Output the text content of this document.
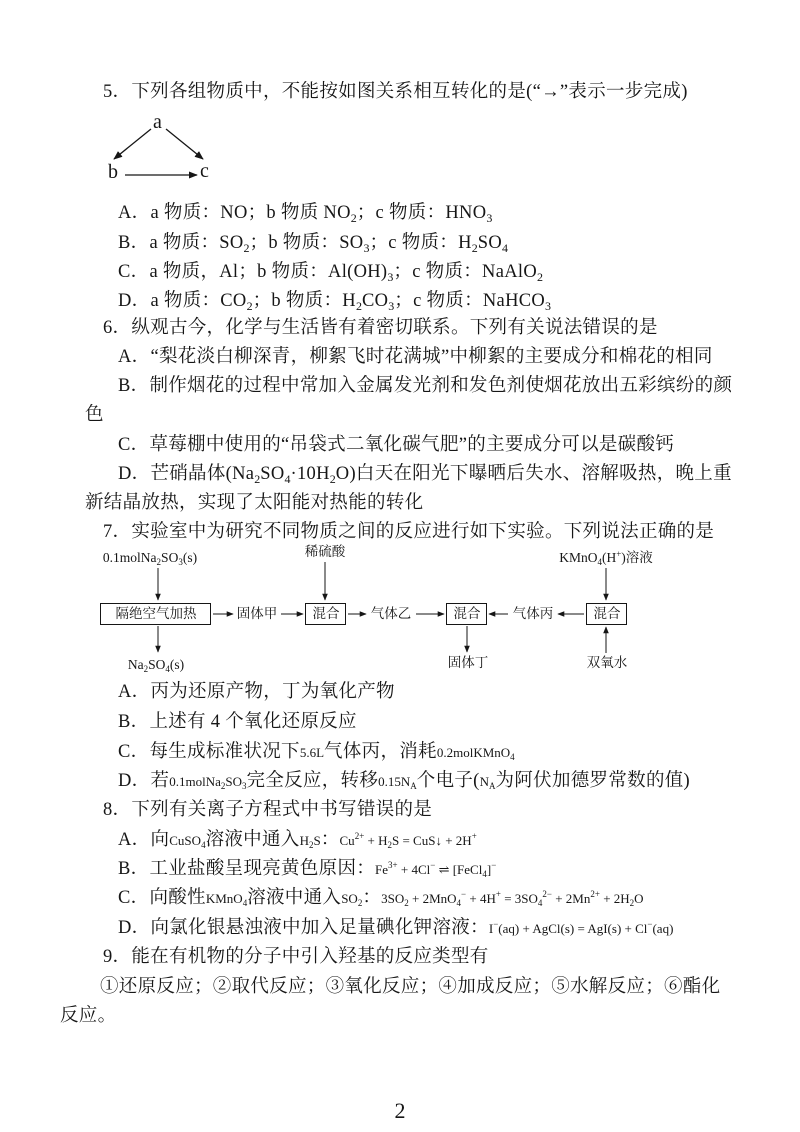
5．下列各组物质中，不能按如图关系相互转化的是(“→”表示一步完成)
a
b	c
A．a 物质：NO；b 物质 $NO_2$；c 物质：$HNO_3$
B．a 物质：$SO_2$；b 物质：$SO_3$；c 物质：$H_2SO_4$
C．a 物质，Al；b 物质：$Al(OH)_3$；c 物质：NaAlO$_2$
D．a 物质：$CO_2$；b 物质：$H_2CO_3$；c 物质：NaHCO$_3$
6．纵观古今，化学与生活皆有着密切联系。下列有关说法错误的是
A．“梨花淡白柳深青，柳絮飞时花满城”中柳絮的主要成分和棉花的相同
B．制作烟花的过程中常加入金属发光剂和发色剂使烟花放出五彩缤纷的颜
色
C．草莓棚中使用的“吊袋式二氧化碳气肥”的主要成分可以是碳酸钙
D．芒硝晶体$(Na_2SO_4\cdot 10H_2O)$白天在阳光下曝晒后失水、溶解吸热，晚上重
新结晶放热，实现了太阳能对热能的转化
7．实验室中为研究不同物质之间的反应进行如下实验。下列说法正确的是
$0.1molNa_2SO_3(s)$	稀硫酸	KMnO$_4$(H+)溶液
隔绝空气加热	固体甲	混合 气体乙	混合 气体丙	混合
$Na_2SO_4(s)$	固体丁	双氧水
A．丙为还原产物，丁为氧化产物
B．上述有 4 个氧化还原反应
C．每生成标准状况下5.6L气体丙，消耗0.2molKMnO4
D．若0.1molNa2SO3完全反应，转移0.15NA个电子(NA为阿伏加德罗常数的值)
8．下列有关离子方程式中书写错误的是
A．向CuSO4溶液中通入H2S：$Cu^{2+} + H2S$ = CuS↓ + 2H+
B．工业盐酸呈现亮黄色原因：$Fe^{3+} + 4Cl^-$ ⇌ [FeCl4]−
C．向酸性KMnO4溶液中通入SO2：$3SO2 + 2MnO4^- + 4H^+ = 3SO4^{2-} + 2Mn^{2+} + 2H2O$
D．向氯化银悬浊液中加入足量碘化钾溶液：I−(aq) + AgCl(s) = AgI(s) + Cl−(aq)
9．能在有机物的分子中引入羟基的反应类型有
①还原反应；②取代反应；③氧化反应；④加成反应；⑤水解反应；⑥酯化
反应。
2
